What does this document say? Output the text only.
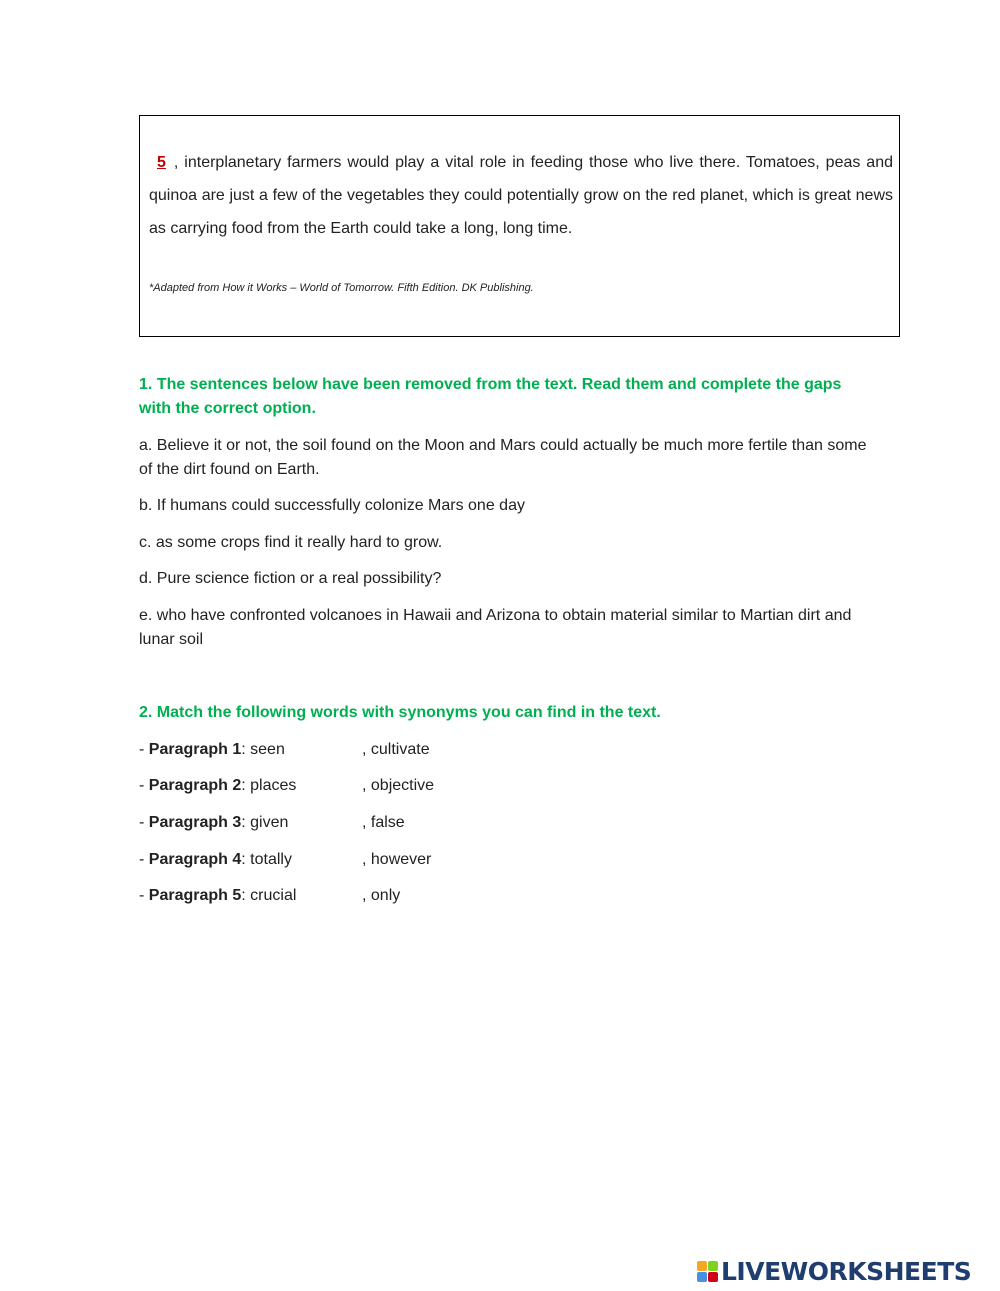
5 , interplanetary farmers would play a vital role in feeding those who live there. Tomatoes, peas and quinoa are just a few of the vegetables they could potentially grow on the red planet, which is great news as carrying food from the Earth could take a long, long time.
*Adapted from How it Works – World of Tomorrow. Fifth Edition. DK Publishing.
1. The sentences below have been removed from the text. Read them and complete the gaps with the correct option.
a. Believe it or not, the soil found on the Moon and Mars could actually be much more fertile than some of the dirt found on Earth.
b. If humans could successfully colonize Mars one day
c. as some crops find it really hard to grow.
d. Pure science fiction or a real possibility?
e. who have confronted volcanoes in Hawaii and Arizona to obtain material similar to Martian dirt and lunar soil
2. Match the following words with synonyms you can find in the text.
- Paragraph 1: seen	, cultivate
- Paragraph 2: places	, objective
- Paragraph 3: given	, false
- Paragraph 4: totally	, however
- Paragraph 5: crucial	, only
LIVEWORKSHEETS
